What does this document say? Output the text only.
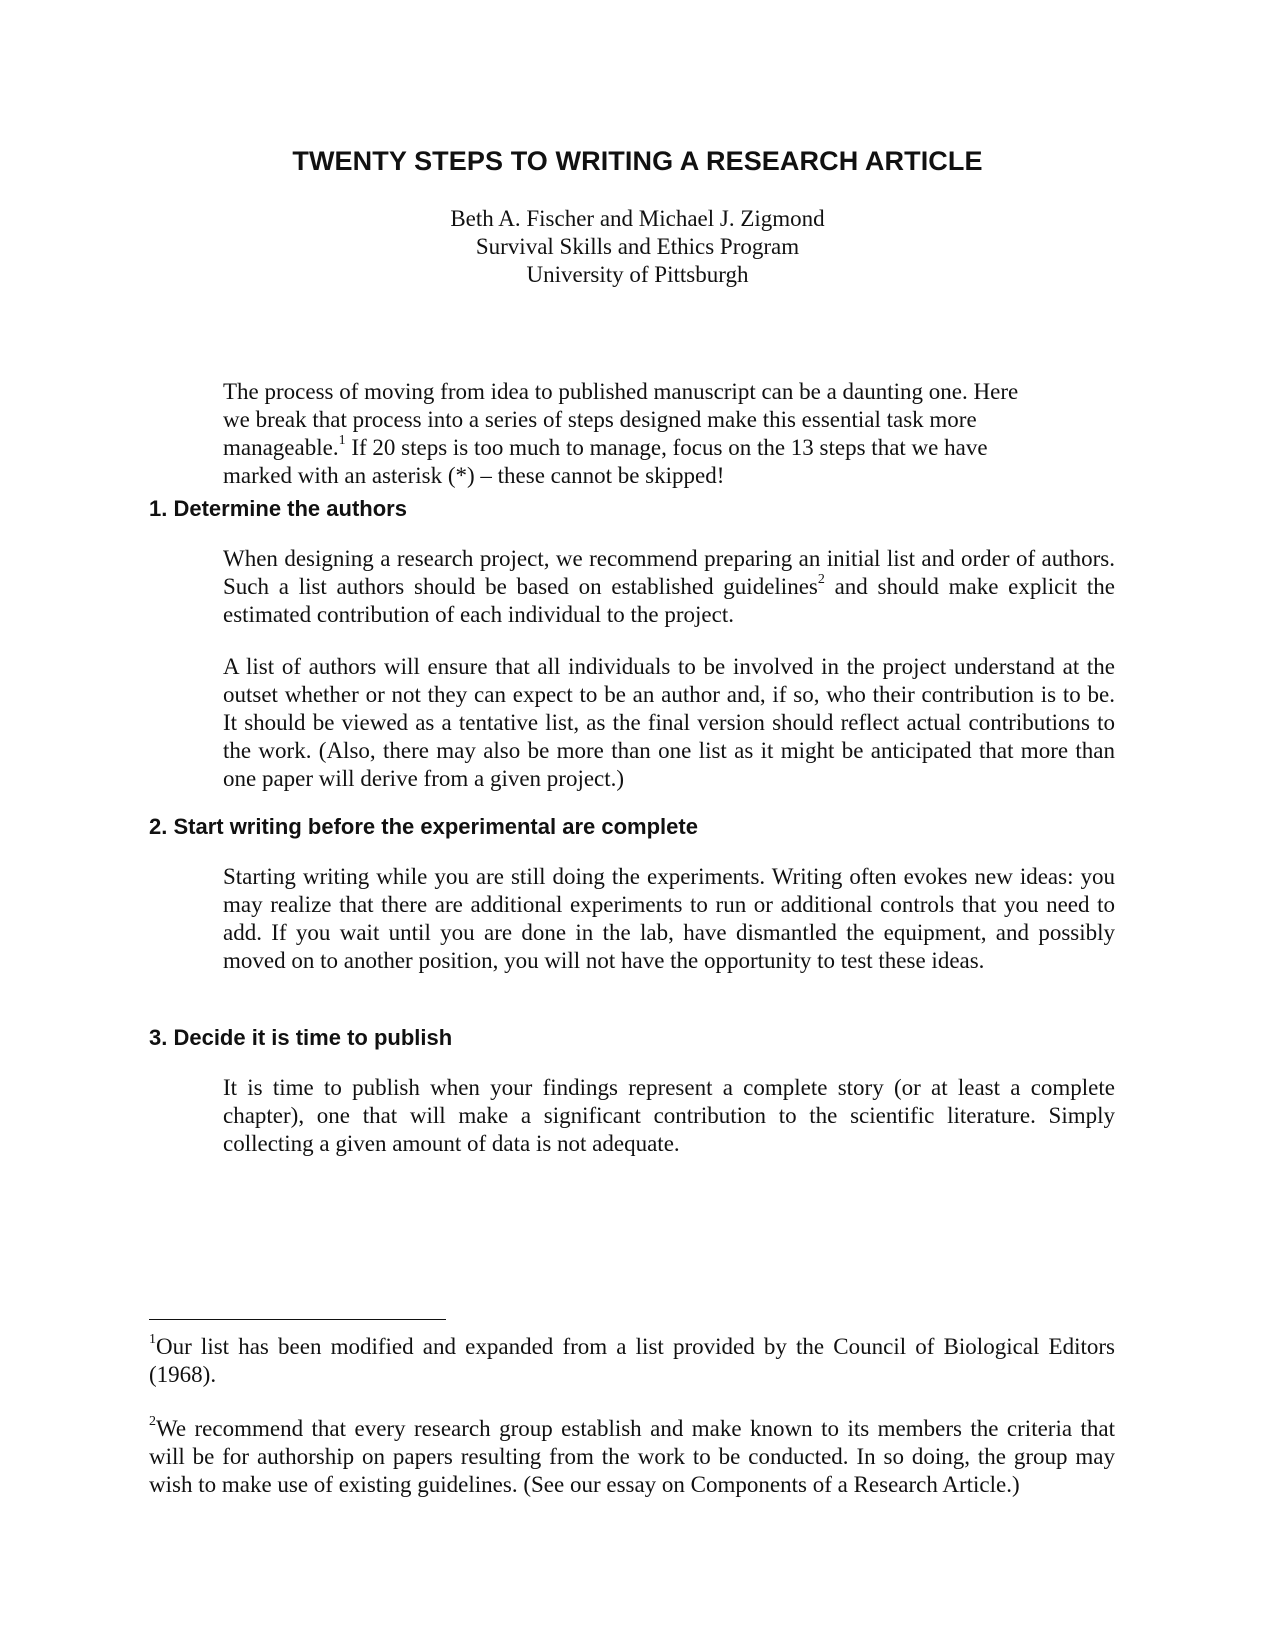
TWENTY STEPS TO WRITING A RESEARCH ARTICLE
Beth A. Fischer and Michael J. Zigmond
Survival Skills and Ethics Program
University of Pittsburgh

The process of moving from idea to published manuscript can be a daunting one. Here we break that process into a series of steps designed make this essential task more manageable.$^1$ If 20 steps is too much to manage, focus on the 13 steps that we have marked with an asterisk (*) – these cannot be skipped!

1. Determine the authors

When designing a research project, we recommend preparing an initial list and order of authors. Such a list authors should be based on established guidelines$^2$ and should make explicit the estimated contribution of each individual to the project.

A list of authors will ensure that all individuals to be involved in the project understand at the outset whether or not they can expect to be an author and, if so, who their contribution is to be. It should be viewed as a tentative list, as the final version should reflect actual contributions to the work. (Also, there may also be more than one list as it might be anticipated that more than one paper will derive from a given project.)

2. Start writing before the experimental are complete

Starting writing while you are still doing the experiments. Writing often evokes new ideas: you may realize that there are additional experiments to run or additional controls that you need to add. If you wait until you are done in the lab, have dismantled the equipment, and possibly moved on to another position, you will not have the opportunity to test these ideas.

3. Decide it is time to publish

It is time to publish when your findings represent a complete story (or at least a complete chapter), one that will make a significant contribution to the scientific literature. Simply collecting a given amount of data is not adequate.

$^1$Our list has been modified and expanded from a list provided by the Council of Biological Editors (1968).

$^2$We recommend that every research group establish and make known to its members the criteria that will be for authorship on papers resulting from the work to be conducted. In so doing, the group may wish to make use of existing guidelines. (See our essay on Components of a Research Article.)
